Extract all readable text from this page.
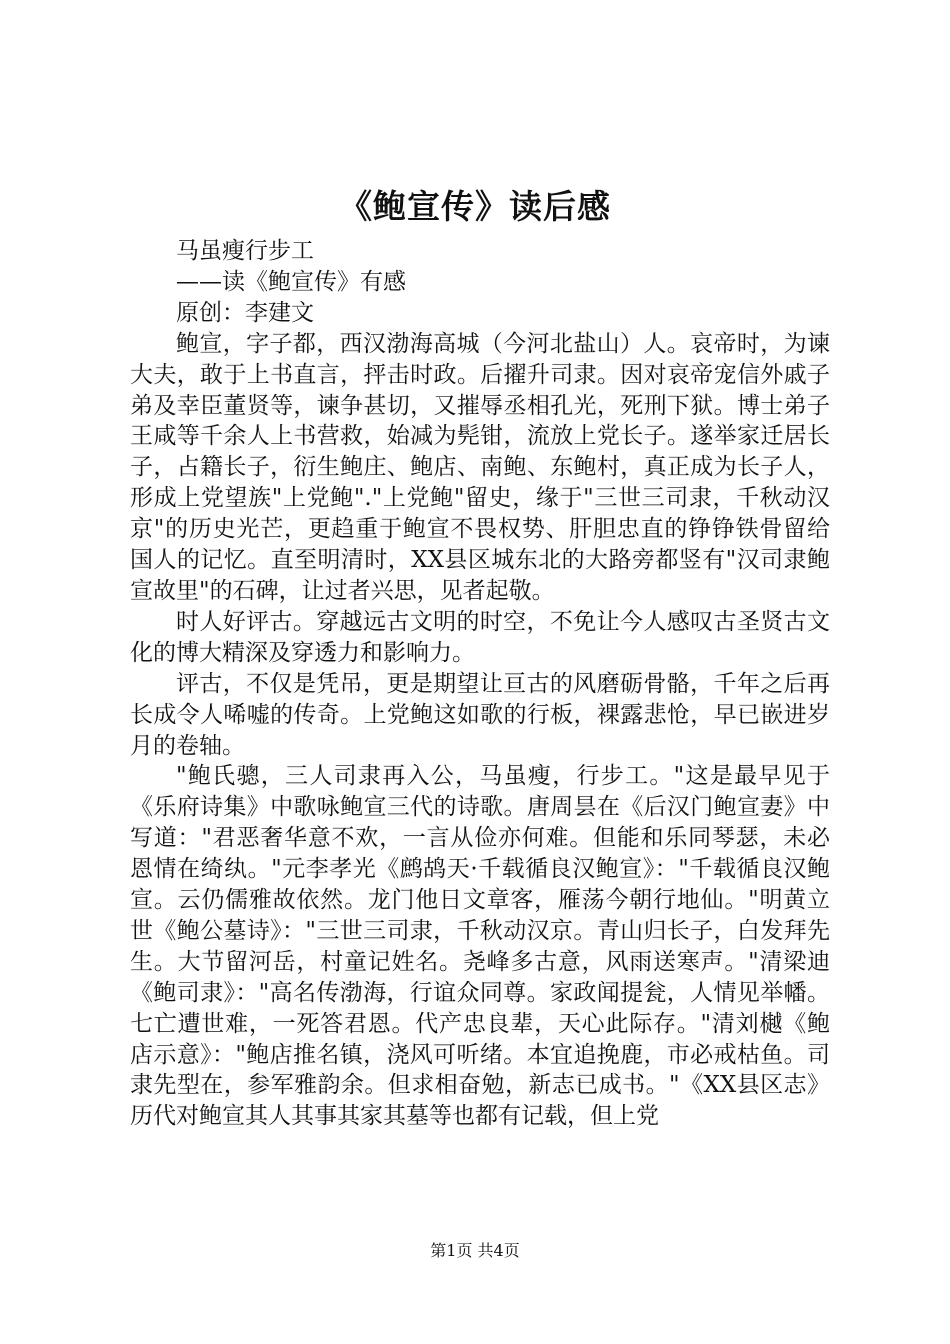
《鲍宣传》读后感

马虽瘦行步工

——读《鲍宣传》有感

原创：李建文

鲍宣，字子都，西汉渤海高城（今河北盐山）人。哀帝时，为谏大夫，敢于上书直言，抨击时政。后擢升司隶。因对哀帝宠信外戚子弟及幸臣董贤等，谏争甚切，又摧辱丞相孔光，死刑下狱。博士弟子王咸等千余人上书营救，始减为髡钳，流放上党长子。遂举家迁居长子，占籍长子，衍生鲍庄、鲍店、南鲍、东鲍村，真正成为长子人，形成上党望族"上党鲍"."上党鲍"留史，缘于"三世三司隶，千秋动汉京"的历史光芒，更趋重于鲍宣不畏权势、肝胆忠直的铮铮铁骨留给国人的记忆。直至明清时，XX县区城东北的大路旁都竖有"汉司隶鲍宣故里"的石碑，让过者兴思，见者起敬。

时人好评古。穿越远古文明的时空，不免让今人感叹古圣贤古文化的博大精深及穿透力和影响力。

评古，不仅是凭吊，更是期望让亘古的风磨砺骨骼，千年之后再长成令人唏嘘的传奇。上党鲍这如歌的行板，裸露悲怆，早已嵌进岁月的卷轴。

"鲍氏骢，三人司隶再入公，马虽瘦，行步工。"这是最早见于《乐府诗集》中歌咏鲍宣三代的诗歌。唐周昙在《后汉门鲍宣妻》中写道："君恶奢华意不欢，一言从俭亦何难。但能和乐同琴瑟，未必恩情在绮纨。"元李孝光《鹧鸪天·千载循良汉鲍宣》："千载循良汉鲍宣。云仍儒雅故依然。龙门他日文章客，雁荡今朝行地仙。"明黄立世《鲍公墓诗》："三世三司隶，千秋动汉京。青山归长子，白发拜先生。大节留河岳，村童记姓名。尧峰多古意，风雨送寒声。"清梁迪《鲍司隶》："高名传渤海，行谊众同尊。家政闻提瓮，人情见举幡。七亡遭世难，一死答君恩。代产忠良辈，天心此际存。"清刘樾《鲍店示意》："鲍店推名镇，浇风可听绪。本宜追挽鹿，市必戒枯鱼。司隶先型在，参军雅韵余。但求相奋勉，新志已成书。"《XX县区志》历代对鲍宣其人其事其家其墓等也都有记载，但上党

第1页 共4页
